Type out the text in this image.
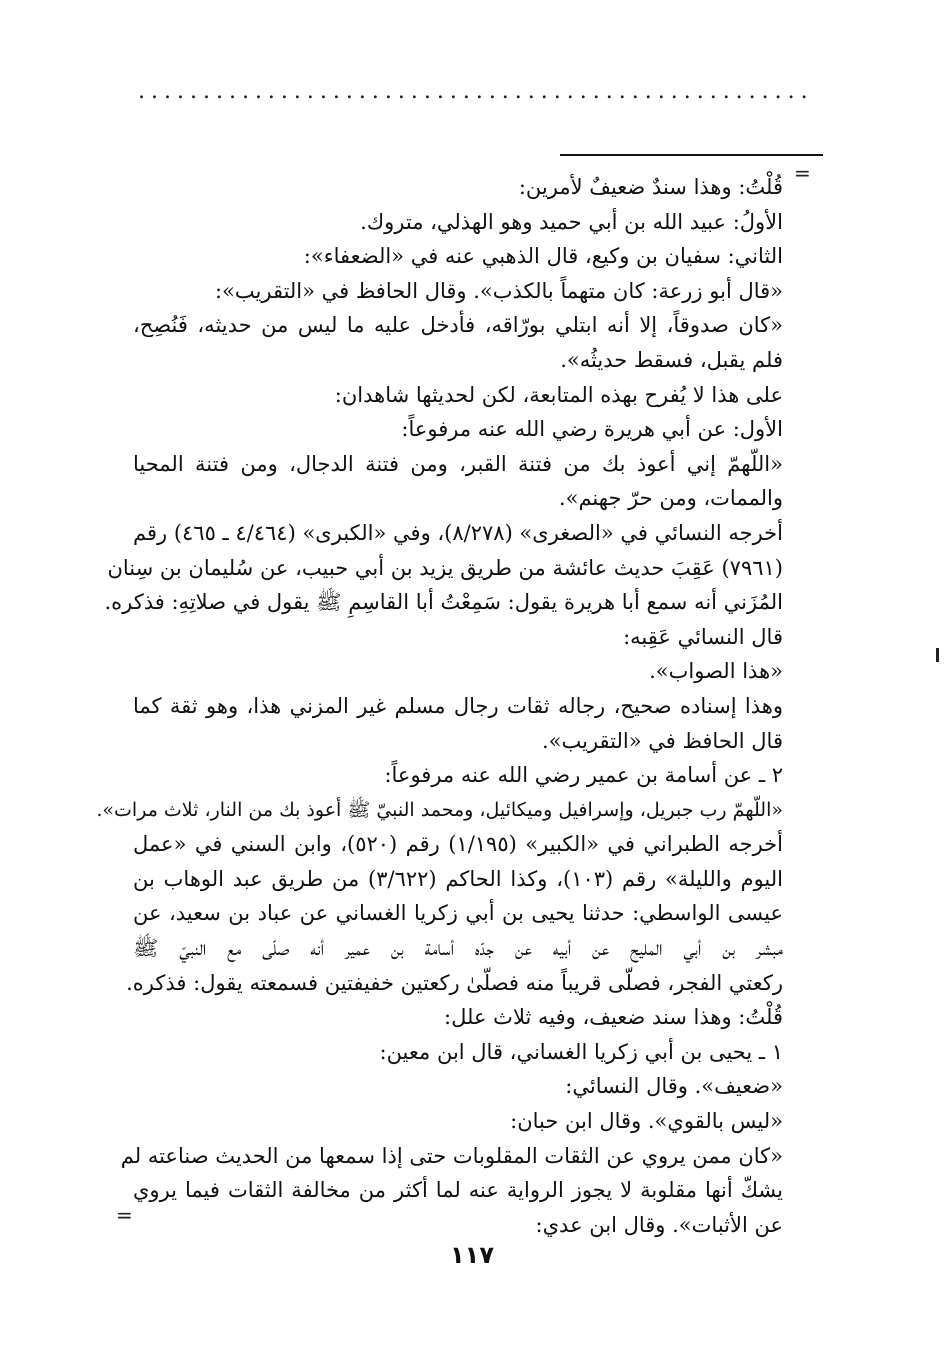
....................................................
=
قُلْتُ: وهذا سندٌ ضعيفٌ لأمرين:
الأولُ: عبيد الله بن أبي حميد وهو الهذلي، متروك.
الثاني: سفيان بن وكيع، قال الذهبي عنه في «الضعفاء»:
«قال أبو زرعة: كان متهماً بالكذب». وقال الحافظ في «التقريب»:
«كان صدوقاً، إلا أنه ابتلي بورّاقه، فأدخل عليه ما ليس من حديثه، فَنُصِح،
فلم يقبل، فسقط حديثُه».
على هذا لا يُفرح بهذه المتابعة، لكن لحديثها شاهدان:
الأول: عن أبي هريرة رضي الله عنه مرفوعاً:
«اللّهمّ إني أعوذ بك من فتنة القبر، ومن فتنة الدجال، ومن فتنة المحيا
والممات، ومن حرّ جهنم».
أخرجه النسائي في «الصغرى» (٨/٢٧٨)، وفي «الكبرى» (٤/٤٦٤ ـ ٤٦٥) رقم
(٧٩٦١) عَقِبَ حديث عائشة من طريق يزيد بن أبي حبيب، عن سُليمان بن سِنان
المُزَني أنه سمع أبا هريرة يقول: سَمِعْتُ أبا القاسِمِ ﷺ يقول في صلاتِهِ: فذكره.
قال النسائي عَقِبه:
«هذا الصواب».
وهذا إسناده صحيح، رجاله ثقات رجال مسلم غير المزني هذا، وهو ثقة كما
قال الحافظ في «التقريب».
٢ ـ عن أسامة بن عمير رضي الله عنه مرفوعاً:
«اللّهمّ رب جبريل، وإسرافيل وميكائيل، ومحمد النبيّ ﷺ أعوذ بك من النار، ثلاث مرات».
أخرجه الطبراني في «الكبير» (١/١٩٥) رقم (٥٢٠)، وابن السني في «عمل
اليوم والليلة» رقم (١٠٣)، وكذا الحاكم (٣/٦٢٢) من طريق عبد الوهاب بن
عيسى الواسطي: حدثنا يحيى بن أبي زكريا الغساني عن عباد بن سعيد، عن
مبشر بن أبي المليح عن أبيه عن جدّه أسامة بن عمير أنه صلّى مع النبيّ ﷺ
ركعتي الفجر، فصلّى قريباً منه فصلّىٰ ركعتين خفيفتين فسمعته يقول: فذكره.
قُلْتُ: وهذا سند ضعيف، وفيه ثلاث علل:
١ ـ يحيى بن أبي زكريا الغساني، قال ابن معين:
«ضعيف». وقال النسائي:
«ليس بالقوي». وقال ابن حبان:
«كان ممن يروي عن الثقات المقلوبات حتى إذا سمعها من الحديث صناعته لم
يشكّ أنها مقلوبة لا يجوز الرواية عنه لما أكثر من مخالفة الثقات فيما يروي
عن الأثبات». وقال ابن عدي:
=
١١٧
